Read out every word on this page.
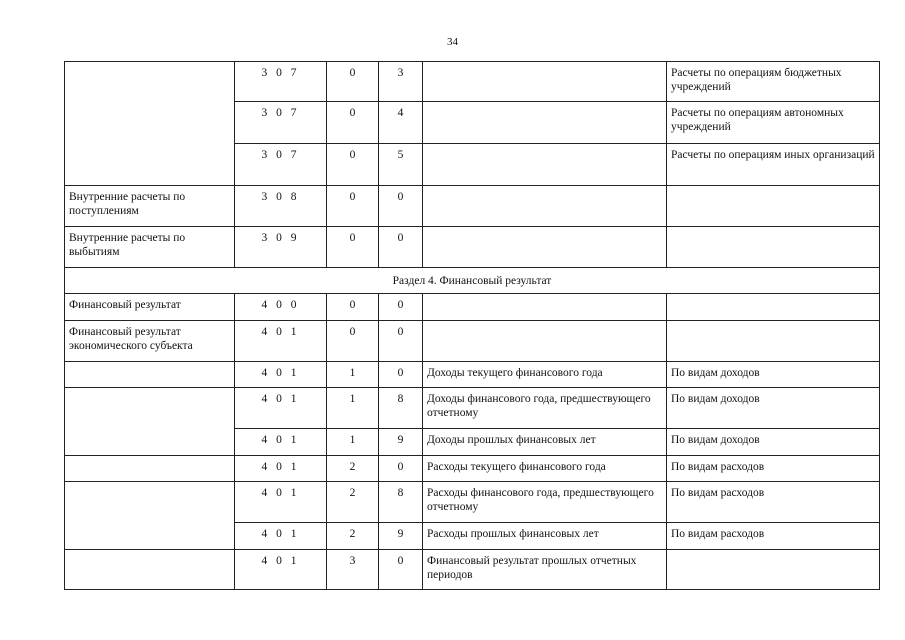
34
	3 0 7	0	3		Расчеты по операциям бюджетных учреждений
	3 0 7	0	4		Расчеты по операциям автономных учреждений
	3 0 7	0	5		Расчеты по операциям иных организаций
Внутренние расчеты по поступлениям	3 0 8	0	0		
Внутренние расчеты по выбытиям	3 0 9	0	0		
Раздел 4. Финансовый результат					
Финансовый результат	4 0 0	0	0		
Финансовый результат экономического субъекта	4 0 1	0	0		
	4 0 1	1	0	Доходы текущего финансового года	По видам доходов
	4 0 1	1	8	Доходы финансового года, предшествующего отчетному	По видам доходов
	4 0 1	1	9	Доходы прошлых финансовых лет	По видам доходов
	4 0 1	2	0	Расходы текущего финансового года	По видам расходов
	4 0 1	2	8	Расходы финансового года, предшествующего отчетному	По видам расходов
	4 0 1	2	9	Расходы прошлых финансовых лет	По видам расходов
	4 0 1	3	0	Финансовый результат прошлых отчетных периодов	
